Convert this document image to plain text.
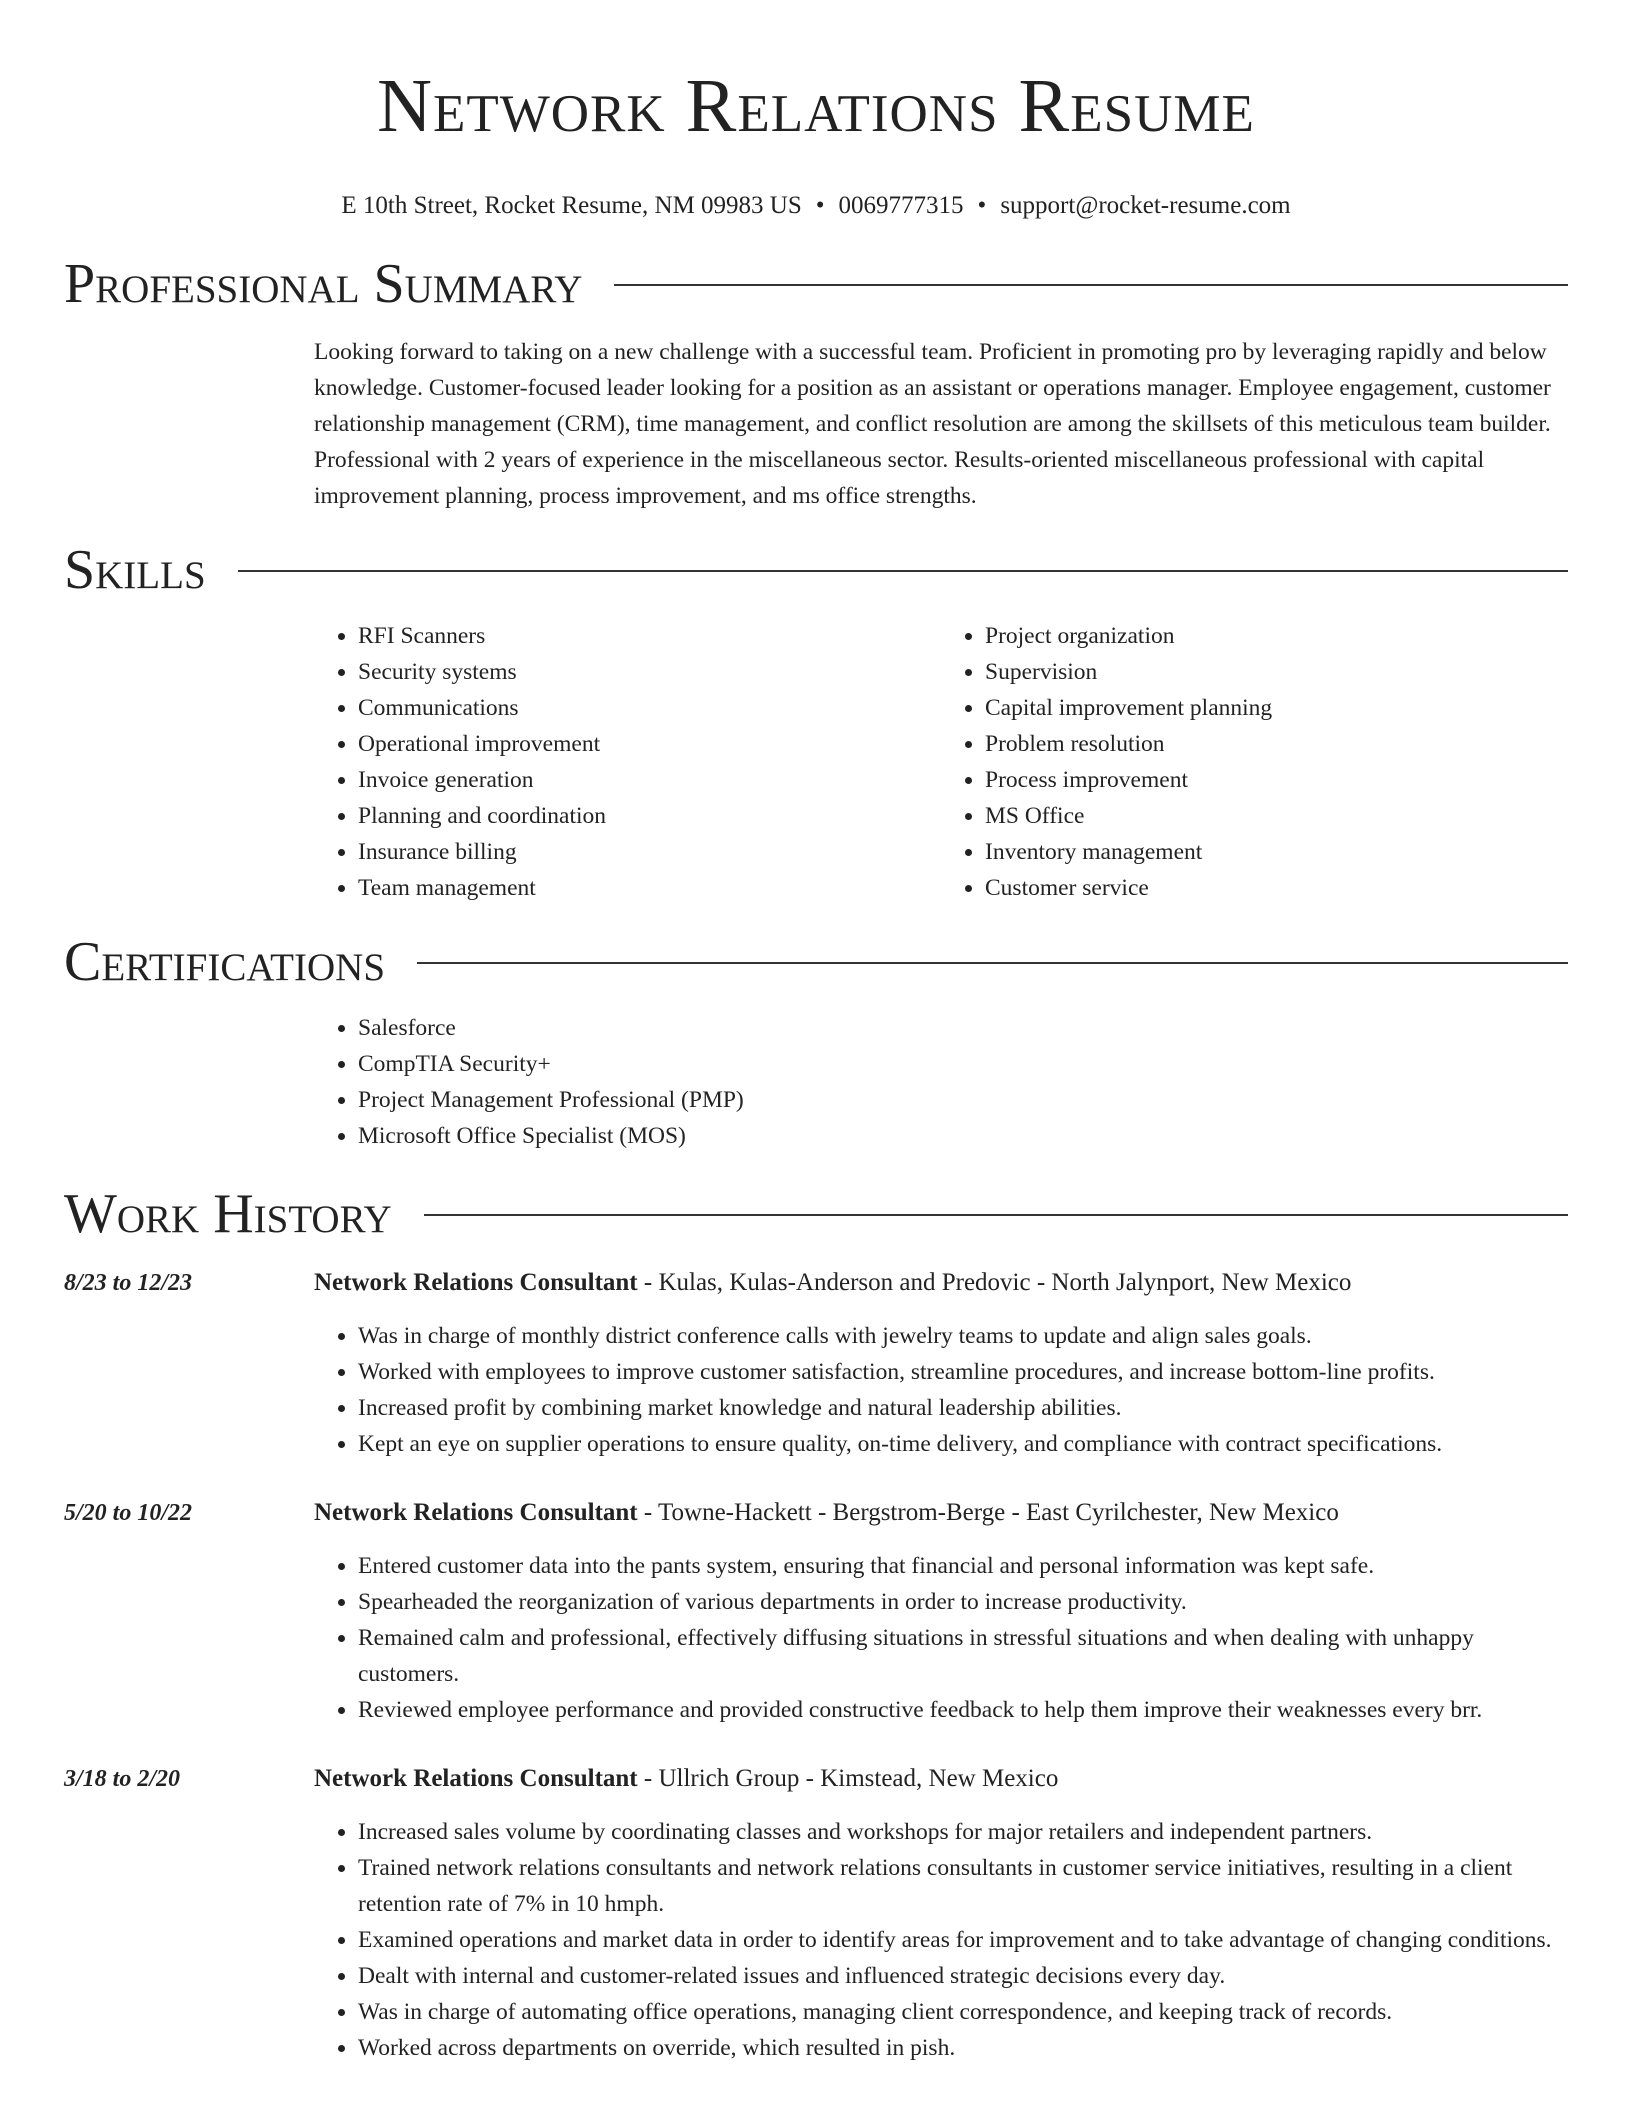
Network Relations Resume
E 10th Street, Rocket Resume, NM 09983 US • 0069777315 • support@rocket-resume.com
Professional Summary

Looking forward to taking on a new challenge with a successful team. Proficient in promoting pro by leveraging rapidly and below knowledge. Customer-focused leader looking for a position as an assistant or operations manager. Employee engagement, customer relationship management (CRM), time management, and conflict resolution are among the skillsets of this meticulous team builder. Professional with 2 years of experience in the miscellaneous sector. Results-oriented miscellaneous professional with capital improvement planning, process improvement, and ms office strengths.

Skills
• RFI Scanners
• Security systems
• Communications
• Operational improvement
• Invoice generation
• Planning and coordination
• Insurance billing
• Team management
• Project organization
• Supervision
• Capital improvement planning
• Problem resolution
• Process improvement
• MS Office
• Inventory management
• Customer service
Certifications
• Salesforce
• CompTIA Security+
• Project Management Professional (PMP)
• Microsoft Office Specialist (MOS)
Work History
8/23 to 12/23	Network Relations Consultant - Kulas, Kulas-Anderson and Predovic - North Jalynport, New Mexico
• Was in charge of monthly district conference calls with jewelry teams to update and align sales goals.
• Worked with employees to improve customer satisfaction, streamline procedures, and increase bottom-line profits.
• Increased profit by combining market knowledge and natural leadership abilities.
• Kept an eye on supplier operations to ensure quality, on-time delivery, and compliance with contract specifications.
5/20 to 10/22	Network Relations Consultant - Towne-Hackett - Bergstrom-Berge - East Cyrilchester, New Mexico
• Entered customer data into the pants system, ensuring that financial and personal information was kept safe.
• Spearheaded the reorganization of various departments in order to increase productivity.
• Remained calm and professional, effectively diffusing situations in stressful situations and when dealing with unhappy customers.
• Reviewed employee performance and provided constructive feedback to help them improve their weaknesses every brr.
3/18 to 2/20	Network Relations Consultant - Ullrich Group - Kimstead, New Mexico
• Increased sales volume by coordinating classes and workshops for major retailers and independent partners.
• Trained network relations consultants and network relations consultants in customer service initiatives, resulting in a client retention rate of 7% in 10 hmph.
• Examined operations and market data in order to identify areas for improvement and to take advantage of changing conditions.
• Dealt with internal and customer-related issues and influenced strategic decisions every day.
• Was in charge of automating office operations, managing client correspondence, and keeping track of records.
• Worked across departments on override, which resulted in pish.
